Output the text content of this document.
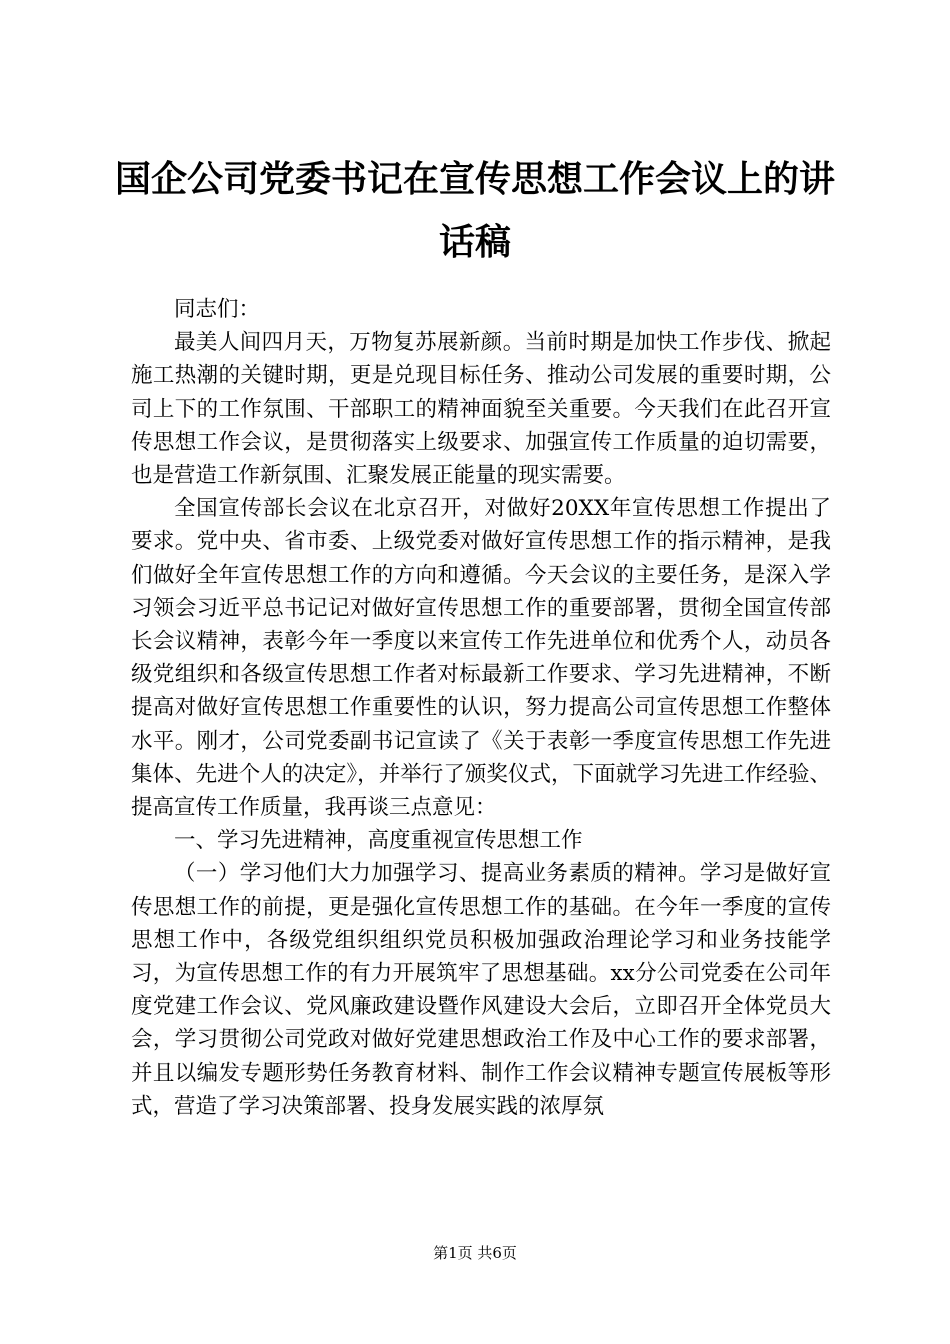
国企公司党委书记在宣传思想工作会议上的讲
话稿

同志们：

最美人间四月天，万物复苏展新颜。当前时期是加快工作步伐、掀起施工热潮的关键时期，更是兑现目标任务、推动公司发展的重要时期，公司上下的工作氛围、干部职工的精神面貌至关重要。今天我们在此召开宣传思想工作会议，是贯彻落实上级要求、加强宣传工作质量的迫切需要，也是营造工作新氛围、汇聚发展正能量的现实需要。

全国宣传部长会议在北京召开，对做好20XX年宣传思想工作提出了要求。党中央、省市委、上级党委对做好宣传思想工作的指示精神，是我们做好全年宣传思想工作的方向和遵循。今天会议的主要任务，是深入学习领会习近平总书记记对做好宣传思想工作的重要部署，贯彻全国宣传部长会议精神，表彰今年一季度以来宣传工作先进单位和优秀个人，动员各级党组织和各级宣传思想工作者对标最新工作要求、学习先进精神，不断提高对做好宣传思想工作重要性的认识，努力提高公司宣传思想工作整体水平。刚才，公司党委副书记宣读了《关于表彰一季度宣传思想工作先进集体、先进个人的决定》，并举行了颁奖仪式，下面就学习先进工作经验、提高宣传工作质量，我再谈三点意见：

一、学习先进精神，高度重视宣传思想工作

（一）学习他们大力加强学习、提高业务素质的精神。学习是做好宣传思想工作的前提，更是强化宣传思想工作的基础。在今年一季度的宣传思想工作中，各级党组织组织党员积极加强政治理论学习和业务技能学习，为宣传思想工作的有力开展筑牢了思想基础。xx分公司党委在公司年度党建工作会议、党风廉政建设暨作风建设大会后，立即召开全体党员大会，学习贯彻公司党政对做好党建思想政治工作及中心工作的要求部署，并且以编发专题形势任务教育材料、制作工作会议精神专题宣传展板等形式，营造了学习决策部署、投身发展实践的浓厚氛

第1页 共6页
